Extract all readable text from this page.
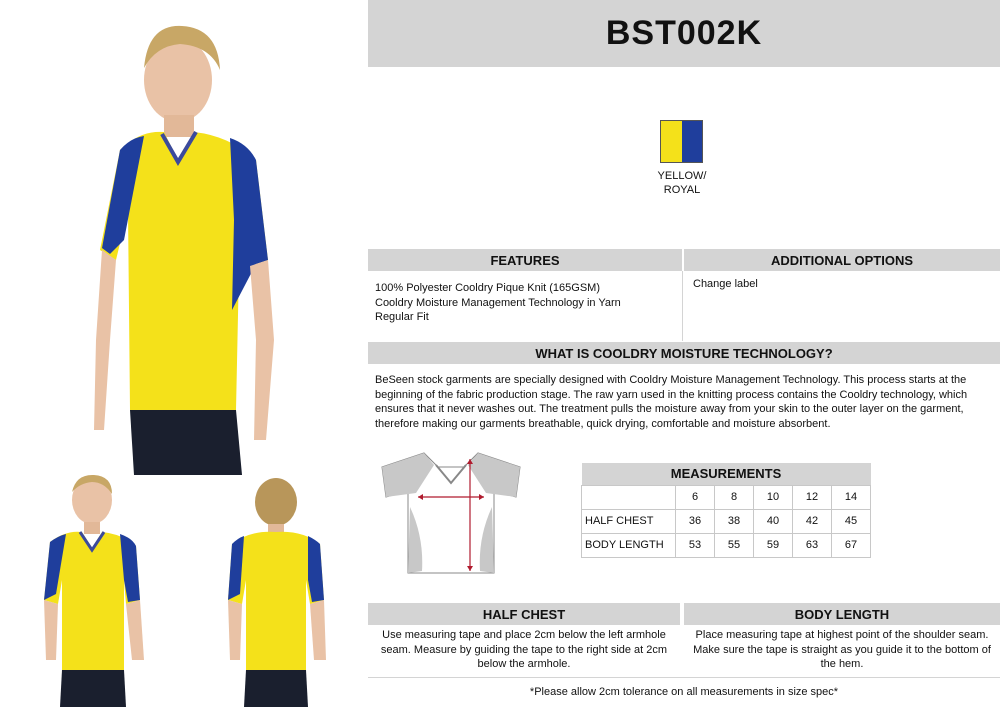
BST002K
YELLOW/
ROYAL
FEATURES	ADDITIONAL OPTIONS
100% Polyester Cooldry Pique Knit (165GSM)
Cooldry Moisture Management Technology in Yarn
Regular Fit
Change label
WHAT IS COOLDRY MOISTURE TECHNOLOGY?
BeSeen stock garments are specially designed with Cooldry Moisture Management Technology. This process starts at the beginning of the fabric production stage. The raw yarn used in the knitting process contains the Cooldry technology, which ensures that it never washes out. The treatment pulls the moisture away from your skin to the outer layer on the garment, therefore making our garments breathable, quick drying, comfortable and moisture absorbent.
MEASUREMENTS					
	6	8	10	12	14
HALF CHEST	36	38	40	42	45
BODY LENGTH	53	55	59	63	67
HALF CHEST	BODY LENGTH
Use measuring tape and place 2cm below the left armhole seam. Measure by guiding the tape to the right side at 2cm below the armhole.
Place measuring tape at highest point of the shoulder seam. Make sure the tape is straight as you guide it to the bottom of the hem.
*Please allow 2cm tolerance on all measurements in size spec*
